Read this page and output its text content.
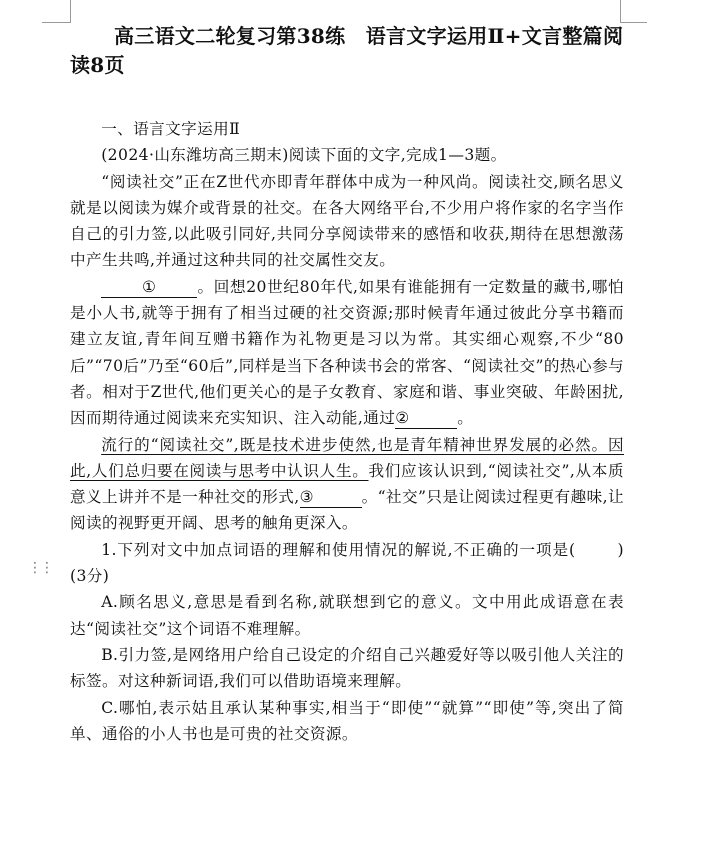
⋮⋮
高三语文二轮复习第38练　语言文字运用Ⅱ+文言整篇阅读8页

一、语言文字运用Ⅱ

(2024·山东潍坊高三期末)阅读下面的文字,完成1—3题。

“阅读社交”正在Z世代亦即青年群体中成为一种风尚。阅读社交,顾名思义就是以阅读为媒介或背景的社交。在各大网络平台,不少用户将作家的名字当作自己的引力签,以此吸引同好,共同分享阅读带来的感悟和收获,期待在思想激荡中产生共鸣,并通过这种共同的社交属性交友。

①	。回想20世纪80年代,如果有谁能拥有一定数量的藏书,哪怕是小人书,就等于拥有了相当过硬的社交资源;那时候青年通过彼此分享书籍而建立友谊,青年间互赠书籍作为礼物更是习以为常。其实细心观察,不少“80后”“70后”乃至“60后”,同样是当下各种读书会的常客、“阅读社交”的热心参与者。相对于Z世代,他们更关心的是子女教育、家庭和谐、事业突破、年龄困扰,因而期待通过阅读来充实知识、注入动能,通过②	。

流行的“阅读社交”,既是技术进步使然,也是青年精神世界发展的必然。因此,人们总归要在阅读与思考中认识人生。我们应该认识到,“阅读社交”,从本质意义上讲并不是一种社交的形式,③	。“社交”只是让阅读过程更有趣味,让阅读的视野更开阔、思考的触角更深入。

1.下列对文中加点词语的理解和使用情况的解说,不正确的一项是(	)(3分)

A.顾名思义,意思是看到名称,就联想到它的意义。文中用此成语意在表达“阅读社交”这个词语不难理解。

B.引力签,是网络用户给自己设定的介绍自己兴趣爱好等以吸引他人关注的标签。对这种新词语,我们可以借助语境来理解。

C.哪怕,表示姑且承认某种事实,相当于“即使”“就算”“即使”等,突出了简单、通俗的小人书也是可贵的社交资源。
